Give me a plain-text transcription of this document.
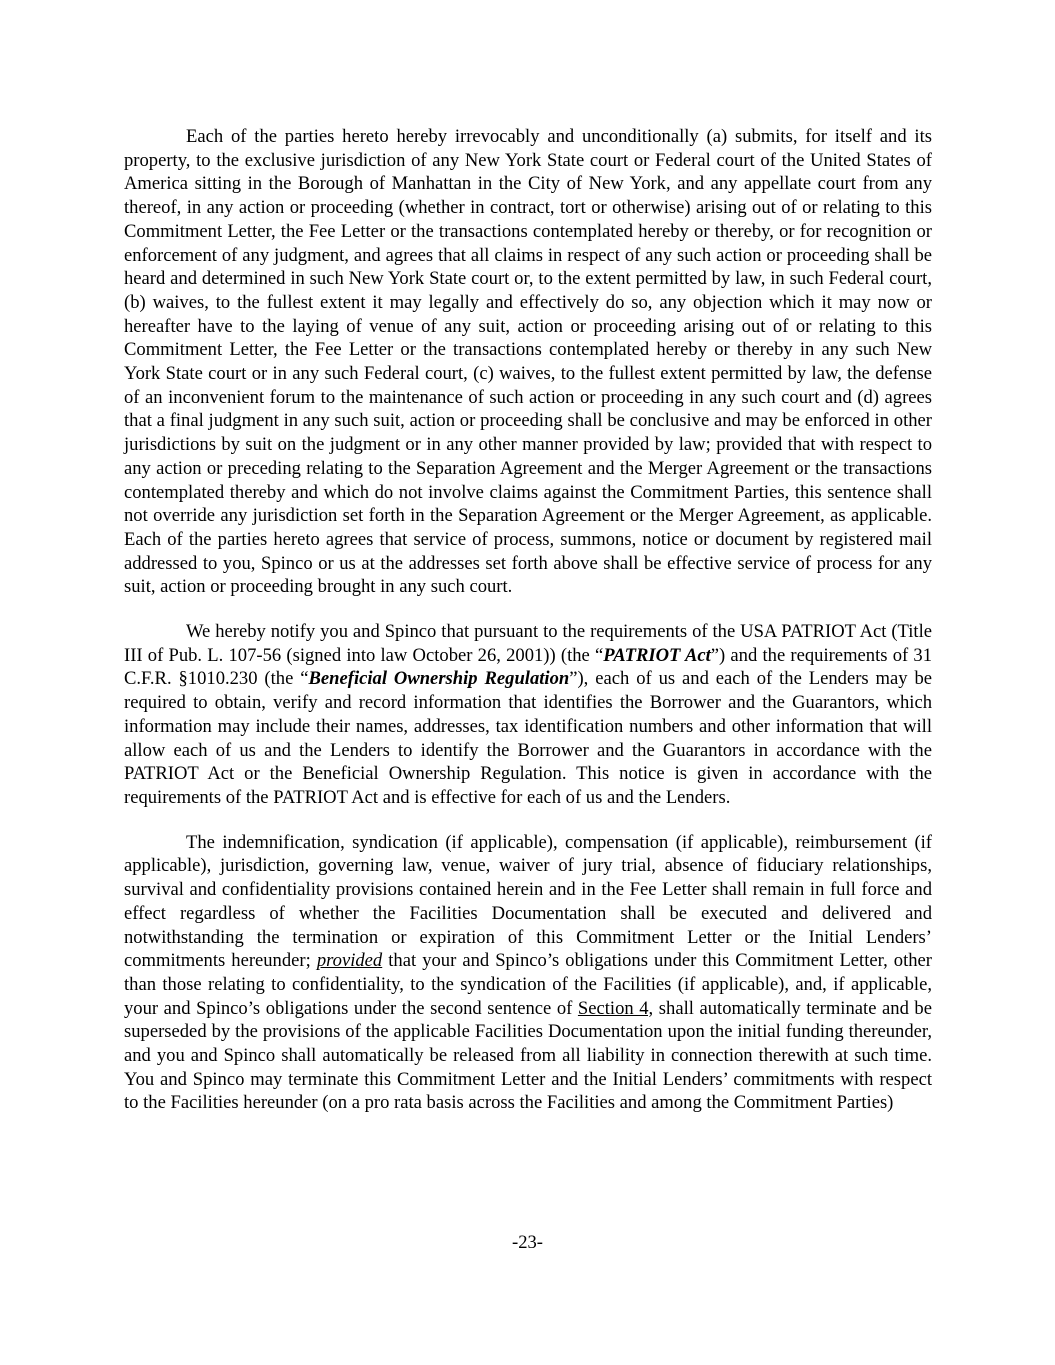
Each of the parties hereto hereby irrevocably and unconditionally (a) submits, for itself and its property, to the exclusive jurisdiction of any New York State court or Federal court of the United States of America sitting in the Borough of Manhattan in the City of New York, and any appellate court from any thereof, in any action or proceeding (whether in contract, tort or otherwise) arising out of or relating to this Commitment Letter, the Fee Letter or the transactions contemplated hereby or thereby, or for recognition or enforcement of any judgment, and agrees that all claims in respect of any such action or proceeding shall be heard and determined in such New York State court or, to the extent permitted by law, in such Federal court, (b) waives, to the fullest extent it may legally and effectively do so, any objection which it may now or hereafter have to the laying of venue of any suit, action or proceeding arising out of or relating to this Commitment Letter, the Fee Letter or the transactions contemplated hereby or thereby in any such New York State court or in any such Federal court, (c) waives, to the fullest extent permitted by law, the defense of an inconvenient forum to the maintenance of such action or proceeding in any such court and (d) agrees that a final judgment in any such suit, action or proceeding shall be conclusive and may be enforced in other jurisdictions by suit on the judgment or in any other manner provided by law; provided that with respect to any action or preceding relating to the Separation Agreement and the Merger Agreement or the transactions contemplated thereby and which do not involve claims against the Commitment Parties, this sentence shall not override any jurisdiction set forth in the Separation Agreement or the Merger Agreement, as applicable. Each of the parties hereto agrees that service of process, summons, notice or document by registered mail addressed to you, Spinco or us at the addresses set forth above shall be effective service of process for any suit, action or proceeding brought in any such court.

We hereby notify you and Spinco that pursuant to the requirements of the USA PATRIOT Act (Title III of Pub. L. 107-56 (signed into law October 26, 2001)) (the “PATRIOT Act”) and the requirements of 31 C.F.R. §1010.230 (the “Beneficial Ownership Regulation”), each of us and each of the Lenders may be required to obtain, verify and record information that identifies the Borrower and the Guarantors, which information may include their names, addresses, tax identification numbers and other information that will allow each of us and the Lenders to identify the Borrower and the Guarantors in accordance with the PATRIOT Act or the Beneficial Ownership Regulation. This notice is given in accordance with the requirements of the PATRIOT Act and is effective for each of us and the Lenders.

The indemnification, syndication (if applicable), compensation (if applicable), reimbursement (if applicable), jurisdiction, governing law, venue, waiver of jury trial, absence of fiduciary relationships, survival and confidentiality provisions contained herein and in the Fee Letter shall remain in full force and effect regardless of whether the Facilities Documentation shall be executed and delivered and notwithstanding the termination or expiration of this Commitment Letter or the Initial Lenders’ commitments hereunder; provided that your and Spinco’s obligations under this Commitment Letter, other than those relating to confidentiality, to the syndication of the Facilities (if applicable), and, if applicable, your and Spinco’s obligations under the second sentence of Section 4, shall automatically terminate and be superseded by the provisions of the applicable Facilities Documentation upon the initial funding thereunder, and you and Spinco shall automatically be released from all liability in connection therewith at such time. You and Spinco may terminate this Commitment Letter and the Initial Lenders’ commitments with respect to the Facilities hereunder (on a pro rata basis across the Facilities and among the Commitment Parties)

-23-
